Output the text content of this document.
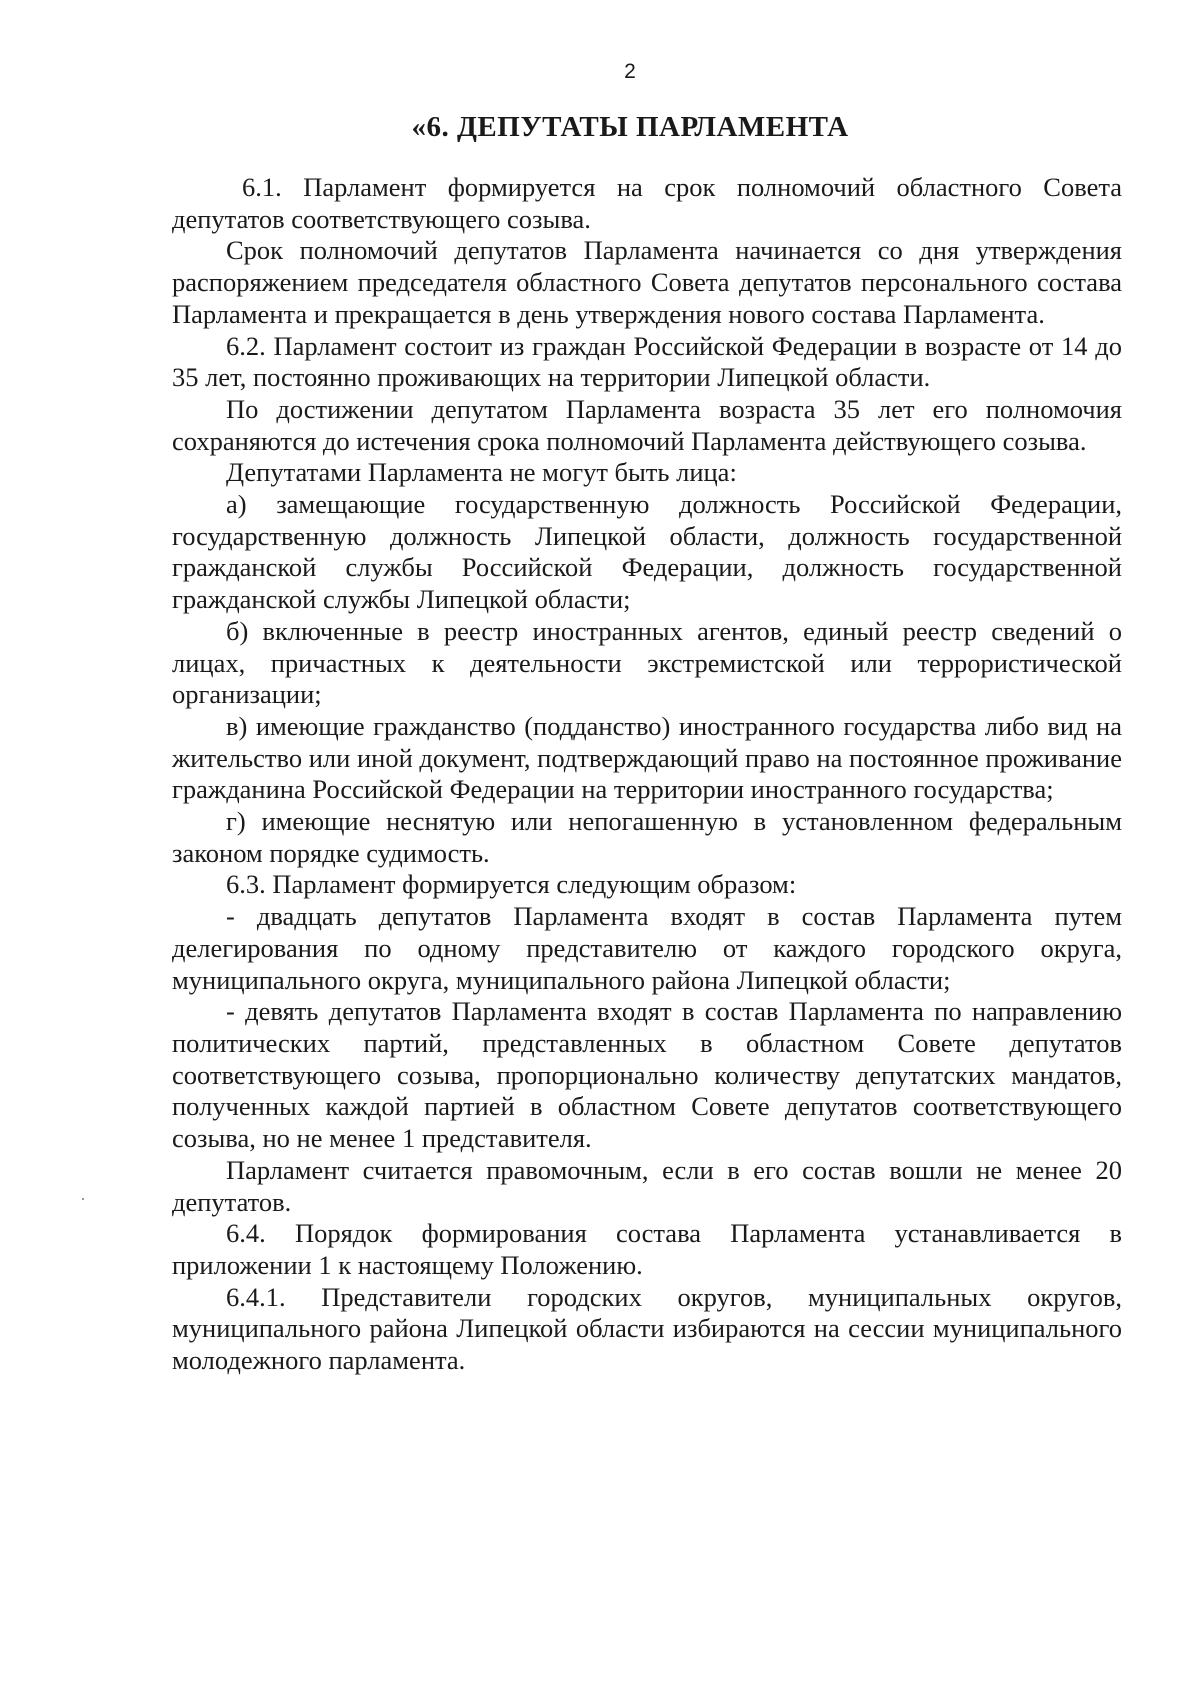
2
«6. ДЕПУТАТЫ ПАРЛАМЕНТА

6.1. Парламент формируется на срок полномочий областного Совета депутатов соответствующего созыва.

Срок полномочий депутатов Парламента начинается со дня утверждения распоряжением председателя областного Совета депутатов персонального состава Парламента и прекращается в день утверждения нового состава Парламента.

6.2. Парламент состоит из граждан Российской Федерации в возрасте от 14 до 35 лет, постоянно проживающих на территории Липецкой области.

По достижении депутатом Парламента возраста 35 лет его полномочия сохраняются до истечения срока полномочий Парламента действующего созыва.

Депутатами Парламента не могут быть лица:

а) замещающие государственную должность Российской Федерации, государственную должность Липецкой области, должность государственной гражданской службы Российской Федерации, должность государственной гражданской службы Липецкой области;

б) включенные в реестр иностранных агентов, единый реестр сведений о лицах, причастных к деятельности экстремистской или террористической организации;

в) имеющие гражданство (подданство) иностранного государства либо вид на жительство или иной документ, подтверждающий право на постоянное проживание гражданина Российской Федерации на территории иностранного государства;

г) имеющие неснятую или непогашенную в установленном федеральным законом порядке судимость.

6.3. Парламент формируется следующим образом:

- двадцать депутатов Парламента входят в состав Парламента путем делегирования по одному представителю от каждого городского округа, муниципального округа, муниципального района Липецкой области;

- девять депутатов Парламента входят в состав Парламента по направлению политических партий, представленных в областном Совете депутатов соответствующего созыва, пропорционально количеству депутатских мандатов, полученных каждой партией в областном Совете депутатов соответствующего созыва, но не менее 1 представителя.

Парламент считается правомочным, если в его состав вошли не менее 20 депутатов.

6.4. Порядок формирования состава Парламента устанавливается в приложении 1 к настоящему Положению.

6.4.1. Представители городских округов, муниципальных округов, муниципального района Липецкой области избираются на сессии муниципального молодежного парламента.
